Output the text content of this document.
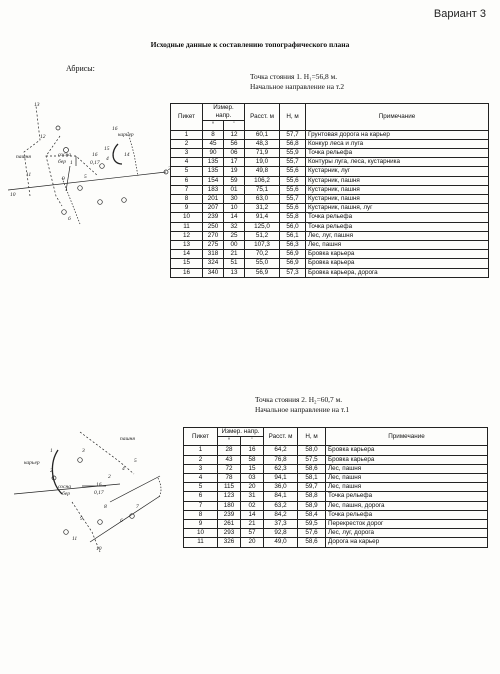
Вариант 3
Исходные данные к составлению топографического плана
Абрисы:
Точка стояния 1. H₁=56,8 м.
Начальное направление на т.2
13
12
16
карьер
15
пашня	сосна
бер
16
0,17
4
11
9
1
10
2
5
6
14
Пикет	Измер. напр.		Расст. м	H, м	Примечание
	°	'			
1	8	12	60,1	57,7	Грунтовая дорога на карьер
2	45	56	48,3	56,8	Конкур леса и луга
3	90	06	71,9	55,9	Точка рельефа
4	135	17	19,0	55,7	Контуры луга, леса, кустарника
5	135	19	49,8	55,6	Кустарник, луг
6	154	59	106,2	55,6	Кустарник, пашня
7	183	01	75,1	55,6	Кустарник, пашня
8	201	30	63,0	55,7	Кустарник, пашня
9	207	10	31,2	55,6	Кустарник, пашня, луг
10	239	14	91,4	55,8	Точка рельефа
11	250	32	125,0	56,0	Точка рельефа
12	270	25	51,2	56,1	Лес, луг, пашня
13	275	00	107,3	56,3	Лес, пашня
14	318	21	70,2	56,9	Бровка карьера
15	324	51	55,0	56,9	Бровка карьера
16	340	13	56,9	57,3	Бровка карьера, дорога
Точка стояния 2. H₂=60,7 м.
Начальное направление на т.1
пашня
карьер
1
2
2
3
4
5
7
6
10
сосна
бер
16
0,17
8
9
11
Пикет	Измер. напр.		Расст. м	H, м	Примечание
	°	'			
1	28	16	64,2	58,0	Бровка карьера
2	43	58	76,8	57,5	Бровка карьера
3	72	15	62,3	58,6	Лес, пашня
4	78	03	94,1	58,1	Лес, пашня
5	115	20	36,0	59,7	Лес, пашня
6	123	31	84,1	58,8	Точка рельефа
7	180	02	63,2	58,9	Лес, пашня, дорога
8	239	14	84,2	58,4	Точка рельефа
9	261	21	37,3	59,5	Перекресток дорог
10	293	57	92,8	57,6	Лес, луг, дорога
11	326	20	49,0	58,6	Дорога на карьер
